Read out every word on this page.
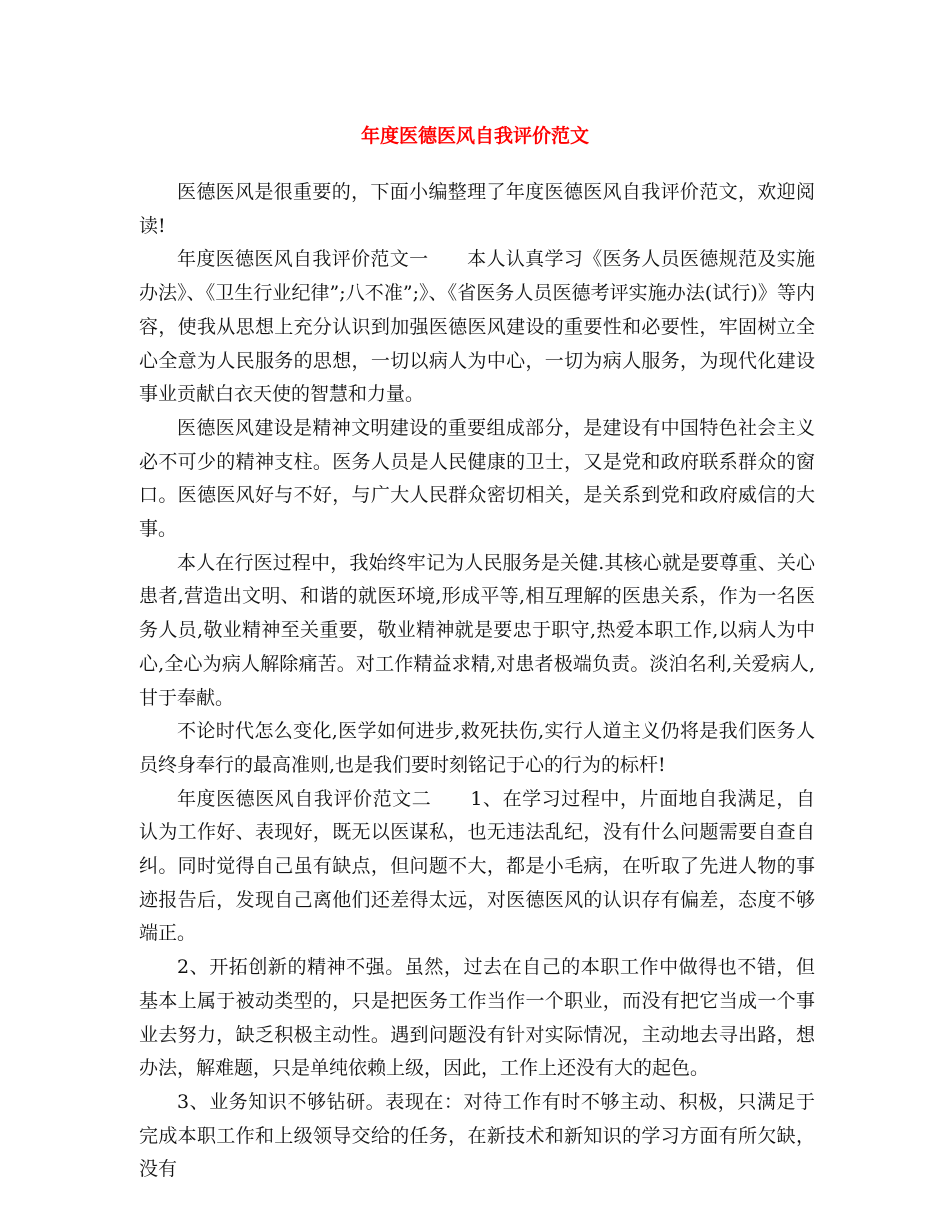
年度医德医风自我评价范文

医德医风是很重要的，下面小编整理了年度医德医风自我评价范文，欢迎阅读!

年度医德医风自我评价范文一　　本人认真学习《医务人员医德规范及实施办法》、《卫生行业纪律”;八不准”;》、《省医务人员医德考评实施办法(试行)》等内容，使我从思想上充分认识到加强医德医风建设的重要性和必要性，牢固树立全心全意为人民服务的思想，一切以病人为中心，一切为病人服务，为现代化建设事业贡献白衣天使的智慧和力量。

医德医风建设是精神文明建设的重要组成部分，是建设有中国特色社会主义必不可少的精神支柱。医务人员是人民健康的卫士，又是党和政府联系群众的窗口。医德医风好与不好，与广大人民群众密切相关，是关系到党和政府威信的大事。

本人在行医过程中，我始终牢记为人民服务是关健.其核心就是要尊重、关心患者,营造出文明、和谐的就医环境,形成平等,相互理解的医患关系，作为一名医务人员,敬业精神至关重要，敬业精神就是要忠于职守,热爱本职工作,以病人为中心,全心为病人解除痛苦。对工作精益求精,对患者极端负责。淡泊名利,关爱病人,甘于奉献。

不论时代怎么变化,医学如何进步,救死扶伤,实行人道主义仍将是我们医务人员终身奉行的最高准则,也是我们要时刻铭记于心的行为的标杆!

年度医德医风自我评价范文二　　1、在学习过程中，片面地自我满足，自认为工作好、表现好，既无以医谋私，也无违法乱纪，没有什么问题需要自查自纠。同时觉得自己虽有缺点，但问题不大，都是小毛病，在听取了先进人物的事迹报告后，发现自己离他们还差得太远，对医德医风的认识存有偏差，态度不够端正。

2、开拓创新的精神不强。虽然，过去在自己的本职工作中做得也不错，但基本上属于被动类型的，只是把医务工作当作一个职业，而没有把它当成一个事业去努力，缺乏积极主动性。遇到问题没有针对实际情况，主动地去寻出路，想办法，解难题，只是单纯依赖上级，因此，工作上还没有大的起色。

3、业务知识不够钻研。表现在：对待工作有时不够主动、积极，只满足于完成本职工作和上级领导交给的任务，在新技术和新知识的学习方面有所欠缺，没有
